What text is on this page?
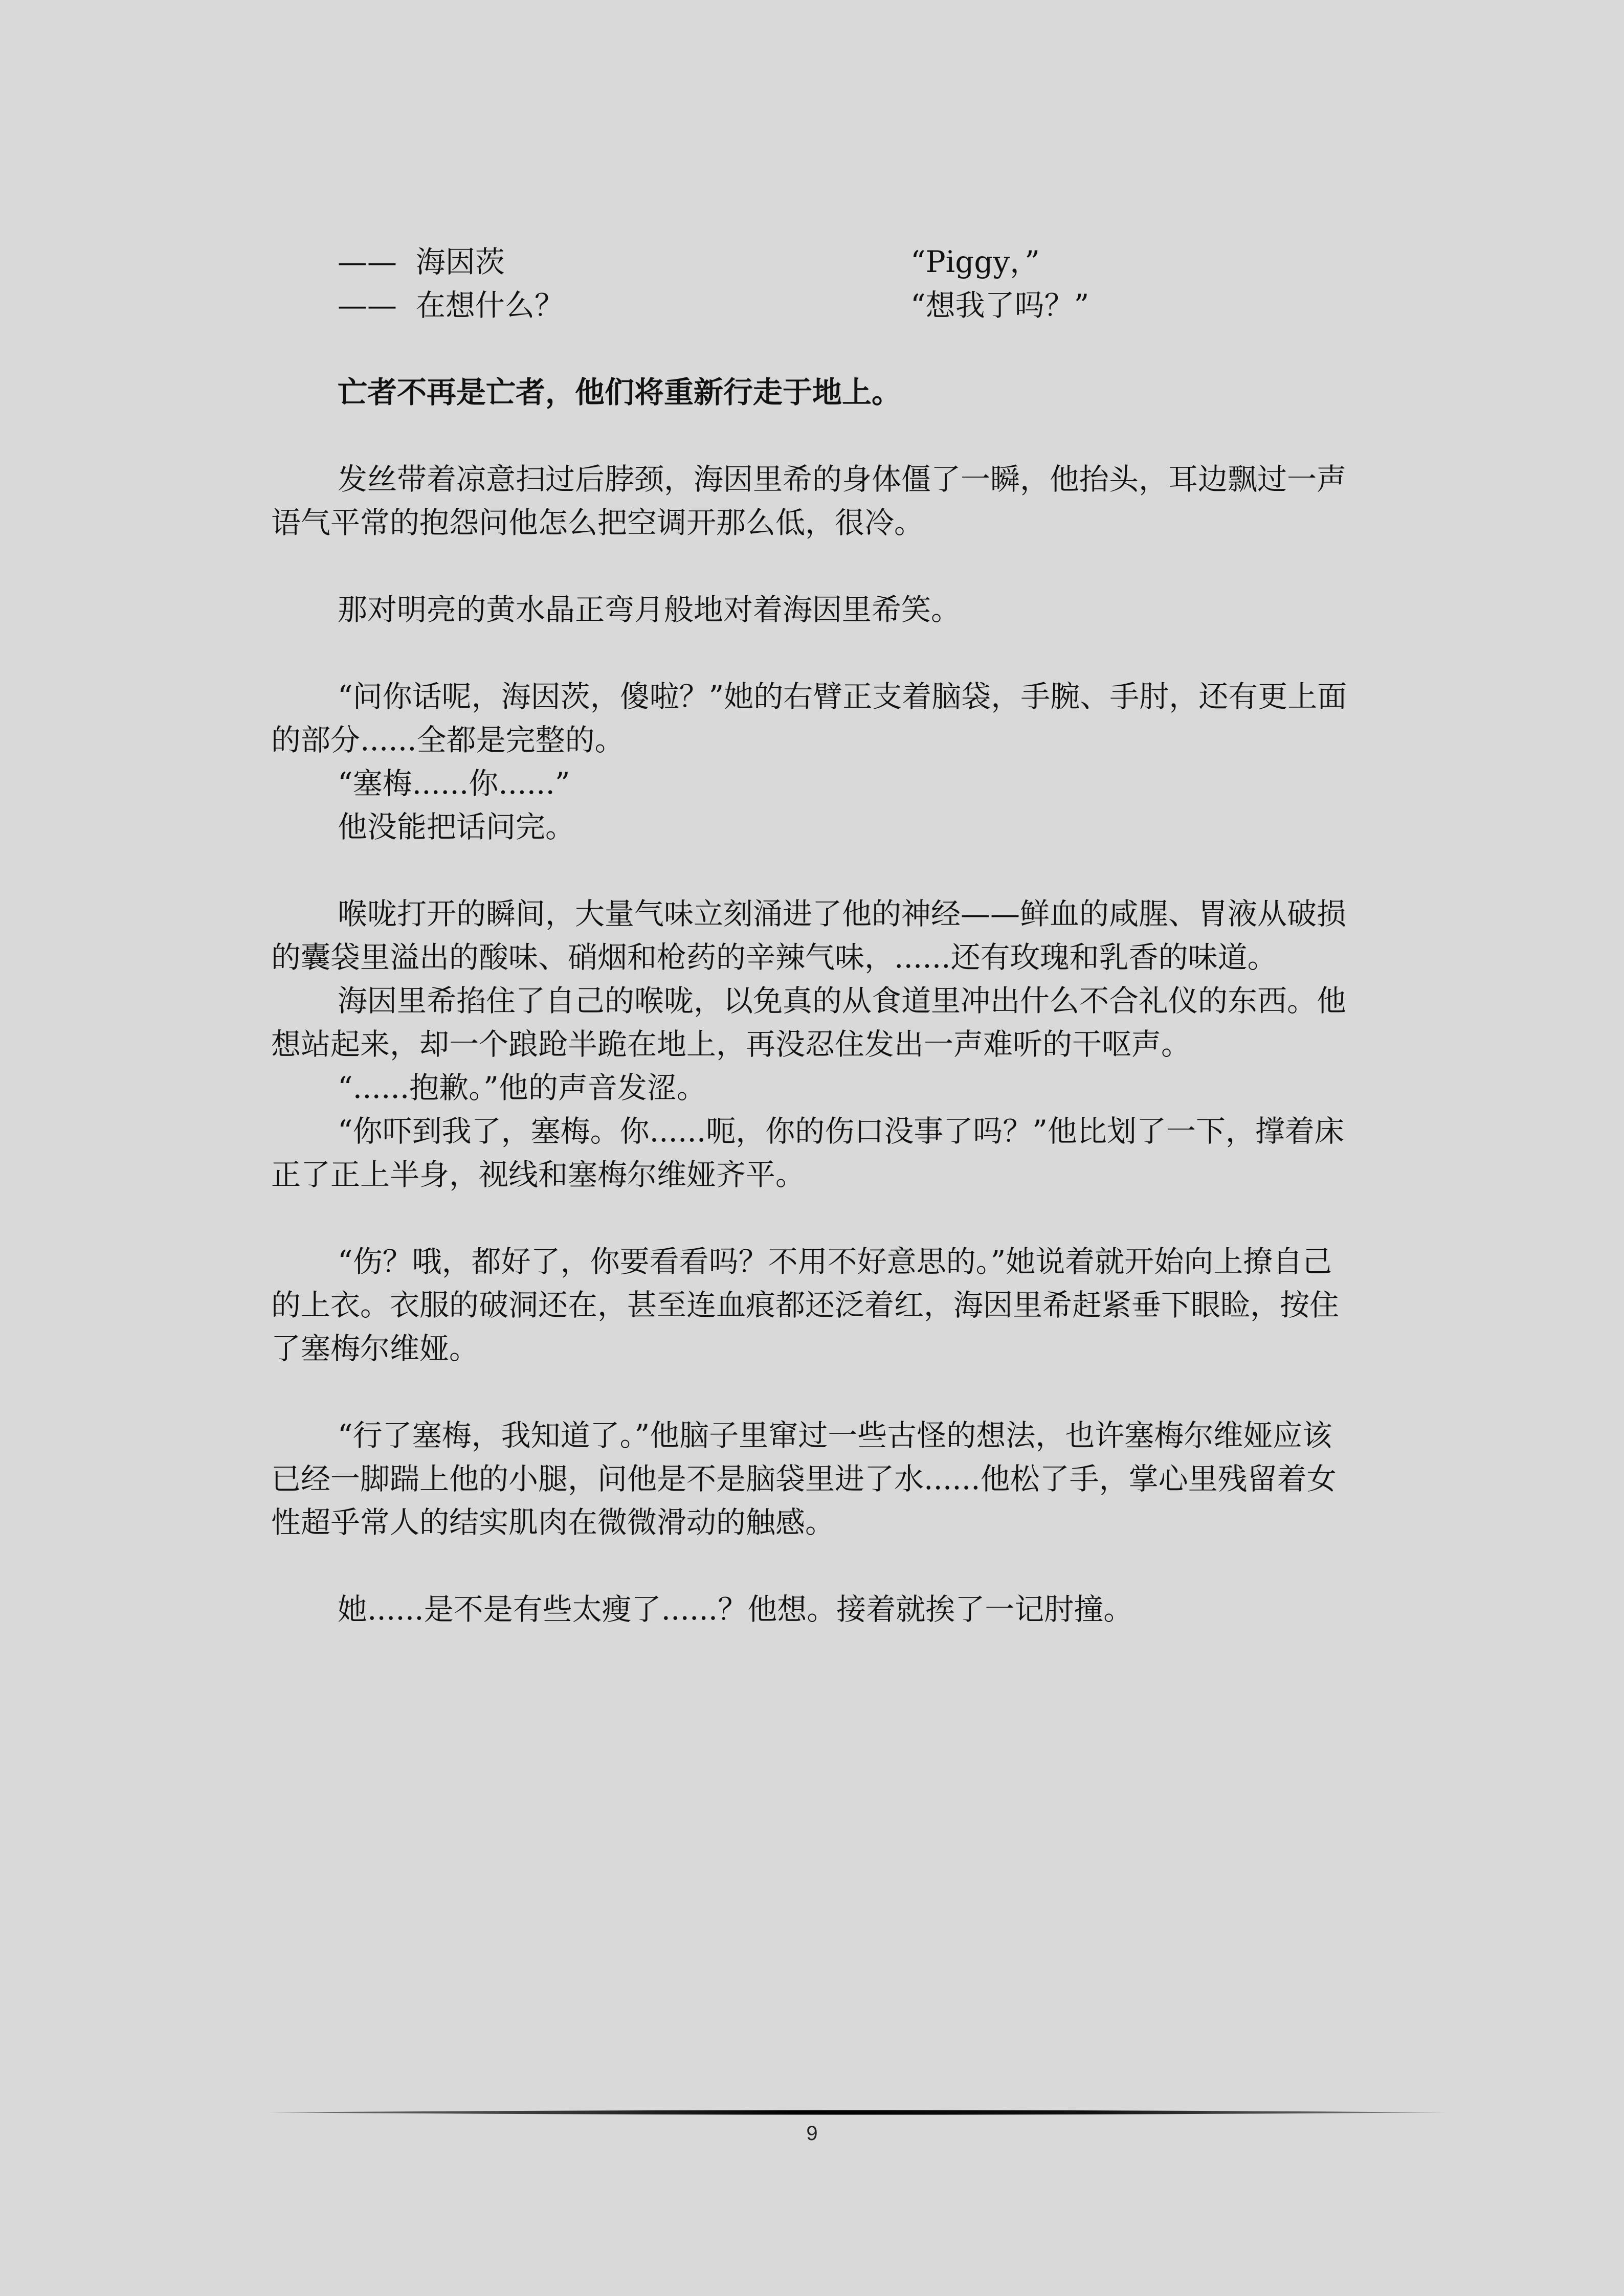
——  海因茨	“Piggy，”
——  在想什么？	“想我了吗？”

亡者不再是亡者，他们将重新行走于地上。

发丝带着凉意扫过后脖颈，海因里希的身体僵了一瞬，他抬头，耳边飘过一声语气平常的抱怨问他怎么把空调开那么低，很冷。

那对明亮的黄水晶正弯月般地对着海因里希笑。

“问你话呢，海因茨，傻啦？”她的右臂正支着脑袋，手腕、手肘，还有更上面的部分......全都是完整的。

“塞梅......你......”

他没能把话问完。

喉咙打开的瞬间，大量气味立刻涌进了他的神经——鲜血的咸腥、胃液从破损的囊袋里溢出的酸味、硝烟和枪药的辛辣气味，......还有玫瑰和乳香的味道。

海因里希掐住了自己的喉咙，以免真的从食道里冲出什么不合礼仪的东西。他想站起来，却一个踉跄半跪在地上，再没忍住发出一声难听的干呕声。

“......抱歉。”他的声音发涩。

“你吓到我了，塞梅。你......呃，你的伤口没事了吗？”他比划了一下，撑着床正了正上半身，视线和塞梅尔维娅齐平。

“伤？哦，都好了，你要看看吗？不用不好意思的。”她说着就开始向上撩自己的上衣。衣服的破洞还在，甚至连血痕都还泛着红，海因里希赶紧垂下眼睑，按住了塞梅尔维娅。

“行了塞梅，我知道了。”他脑子里窜过一些古怪的想法，也许塞梅尔维娅应该已经一脚踹上他的小腿，问他是不是脑袋里进了水......他松了手，掌心里残留着女性超乎常人的结实肌肉在微微滑动的触感。

她......是不是有些太瘦了......？他想。接着就挨了一记肘撞。

9
